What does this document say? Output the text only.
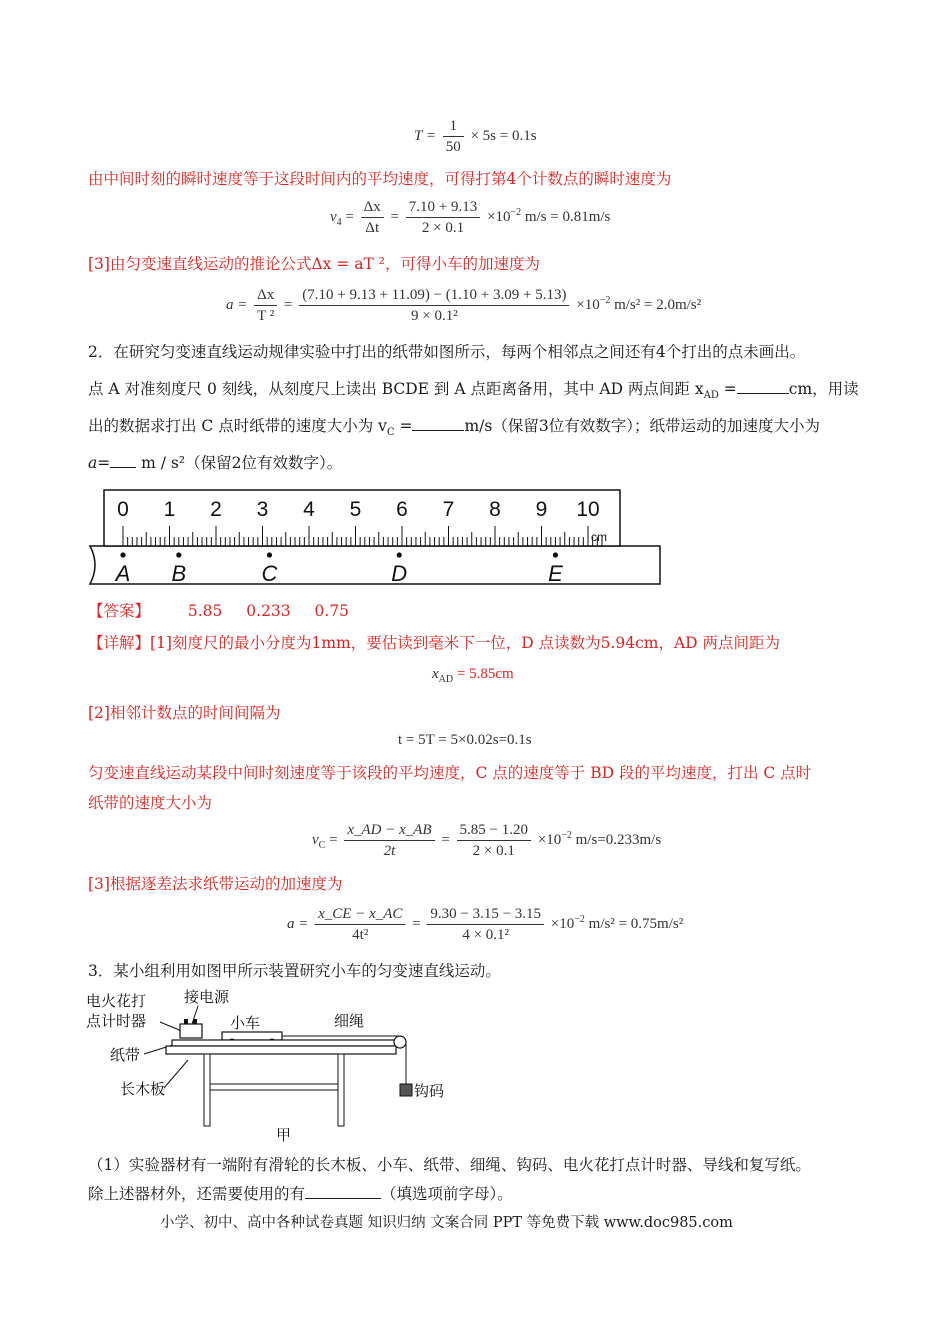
$T = \frac{1}{50} \times 5s = 0.1s$
由中间时刻的瞬时速度等于这段时间内的平均速度，可得打第4个计数点的瞬时速度为
$v_4 = \frac{\Delta x}{\Delta t} = \frac{7.10 + 9.13}{2 \times 0.1} \times 10^{-2}$ m/s = 0.81m/s
[3]由匀变速直线运动的推论公式Δx = aT ²，可得小车的加速度为
$a = \frac{\Delta x}{\text{T ²}} = \frac{(7.10 + 9.13 + 11.09) - (1.10 + 3.09 + 5.13)}{\text{9 × 0.1²}} \times 10^{-2}$ m/s² = 2.0m/s²
2．在研究匀变速直线运动规律实验中打出的纸带如图所示，每两个相邻点之间还有4个打出的点未画出。
点 A 对准刻度尺 0 刻线，从刻度尺上读出 BCDE 到 A 点距离备用，其中 AD 两点间距 $x_{AD}$ =	cm，用读
出的数据求打出 C 点时纸带的速度大小为 $v_C$ =	m/s（保留3位有效数字）；纸带运动的加速度大小为
a= m / s²（保留2位有效数字）。
0 1 2 3 4 5 6 7 8 9 10
A B	C	D	E
cm
【答案】 5.85 0.233 0.75
【详解】[1]刻度尺的最小分度为1mm，要估读到毫米下一位，D 点读数为5.94cm，AD 两点间距为
$x_{AD} = 5.85cm$
[2]相邻计数点的时间间隔为
t = 5T = 5×0.02s=0.1s
匀变速直线运动某段中间时刻速度等于该段的平均速度，C 点的速度等于 BD 段的平均速度，打出 C 点时
纸带的速度大小为
$v_C = \frac{x\_AD - x\_AB}{2t} = \frac{5.85 - 1.20}{2 \times 0.1} \times 10^{-2}$ m/s=0.233m/s
[3]根据逐差法求纸带运动的加速度为
$a = \frac{x\_CE - x\_AC}{\text{4t²}} = \frac{9.30 - 3.15 - 3.15}{\text{4 × 0.1²}} \times 10^{-2}$ m/s² = 0.75m/s²
3．某小组利用如图甲所示装置研究小车的匀变速直线运动。
电火花打
点计时器
接电源
小车	细绳
纸带
长木板	钩码
甲
（1）实验器材有一端附有滑轮的长木板、小车、纸带、细绳、钩码、电火花打点计时器、导线和复写纸。
除上述器材外，还需要使用的有	（填选项前字母）。
小学、初中、高中各种试卷真题 知识归纳 文案合同 PPT 等免费下载 www.doc985.com
